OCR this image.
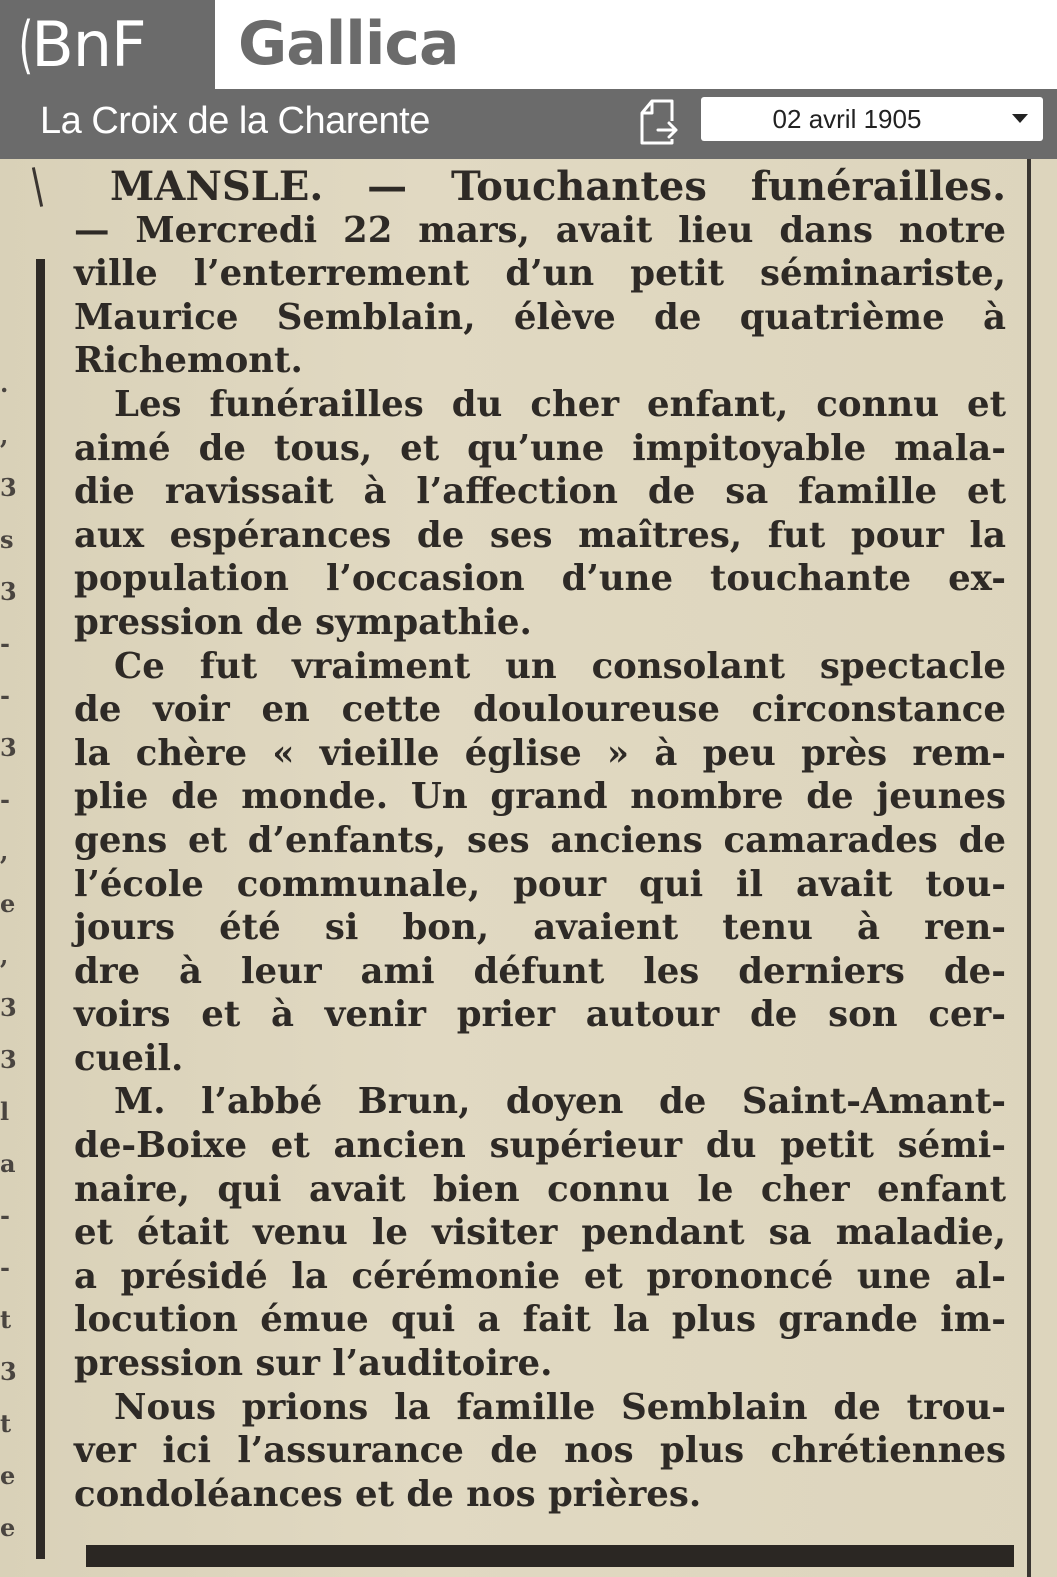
(BnF Gallica
La Croix de la Charente	02 avril 1905
.
,
3
s
3
-
-
3
-
,
e
,
3
3
l
a
-
-
t
3
t
e
e
MANSLE. — Touchantes funérailles.
— Mercredi 22 mars, avait lieu dans notre
ville l’enterrement d’un petit séminariste,
Maurice Semblain, élève de quatrième à
Richemont.
Les funérailles du cher enfant, connu et
aimé de tous, et qu’une impitoyable mala-
die ravissait à l’affection de sa famille et
aux espérances de ses maîtres, fut pour la
population l’occasion d’une touchante ex-
pression de sympathie.
Ce fut vraiment un consolant spectacle
de voir en cette douloureuse circonstance
la chère « vieille église » à peu près rem-
plie de monde. Un grand nombre de jeunes
gens et d’enfants, ses anciens camarades de
l’école communale, pour qui il avait tou-
jours été si bon, avaient tenu à ren-
dre à leur ami défunt les derniers de-
voirs et à venir prier autour de son cer-
cueil.
M. l’abbé Brun, doyen de Saint-Amant-
de-Boixe et ancien supérieur du petit sémi-
naire, qui avait bien connu le cher enfant
et était venu le visiter pendant sa maladie,
a présidé la cérémonie et prononcé une al-
locution émue qui a fait la plus grande im-
pression sur l’auditoire.
Nous prions la famille Semblain de trou-
ver ici l’assurance de nos plus chrétiennes
condoléances et de nos prières.
